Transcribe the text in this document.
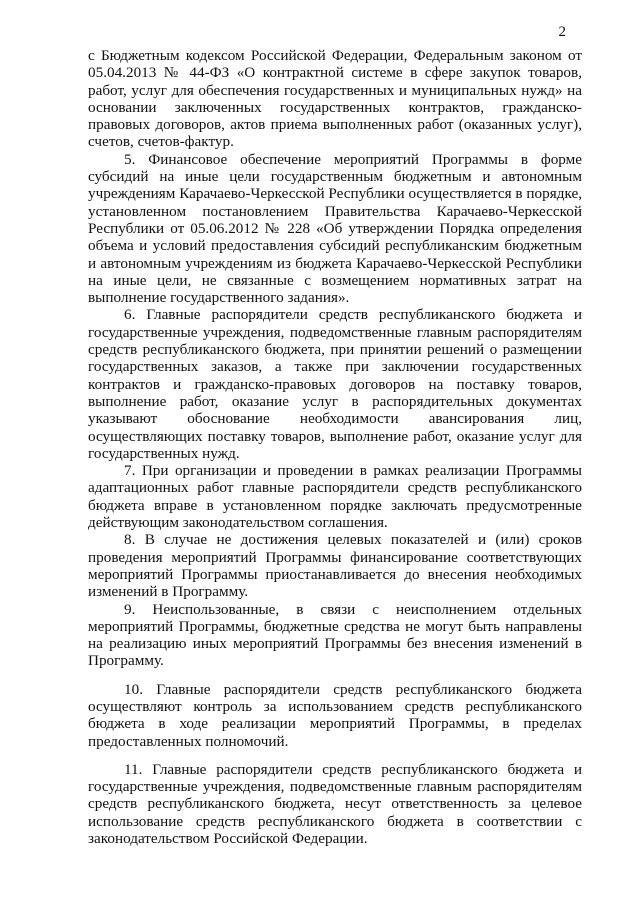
2

с Бюджетным кодексом Российской Федерации, Федеральным законом от 05.04.2013 № 44-ФЗ «О контрактной системе в сфере закупок товаров, работ, услуг для обеспечения государственных и муниципальных нужд» на основании заключенных государственных контрактов, гражданско-правовых договоров, актов приема выполненных работ (оказанных услуг), счетов, счетов-фактур.

5. Финансовое обеспечение мероприятий Программы в форме субсидий на иные цели государственным бюджетным и автономным учреждениям Карачаево-Черкесской Республики осуществляется в порядке, установленном постановлением Правительства Карачаево-Черкесской Республики от 05.06.2012 № 228 «Об утверждении Порядка определения объема и условий предоставления субсидий республиканским бюджетным и автономным учреждениям из бюджета Карачаево-Черкесской Республики на иные цели, не связанные с возмещением нормативных затрат на выполнение государственного задания».

6. Главные распорядители средств республиканского бюджета и государственные учреждения, подведомственные главным распорядителям средств республиканского бюджета, при принятии решений о размещении государственных заказов, а также при заключении государственных контрактов и гражданско-правовых договоров на поставку товаров, выполнение работ, оказание услуг в распорядительных документах указывают обоснование необходимости авансирования лиц, осуществляющих поставку товаров, выполнение работ, оказание услуг для государственных нужд.

7. При организации и проведении в рамках реализации Программы адаптационных работ главные распорядители средств республиканского бюджета вправе в установленном порядке заключать предусмотренные действующим законодательством соглашения.

8. В случае не достижения целевых показателей и (или) сроков проведения мероприятий Программы финансирование соответствующих мероприятий Программы приостанавливается до внесения необходимых изменений в Программу.

9. Неиспользованные, в связи с неисполнением отдельных мероприятий Программы, бюджетные средства не могут быть направлены на реализацию иных мероприятий Программы без внесения изменений в Программу.

10. Главные распорядители средств республиканского бюджета осуществляют контроль за использованием средств республиканского бюджета в ходе реализации мероприятий Программы, в пределах предоставленных полномочий.

11. Главные распорядители средств республиканского бюджета и государственные учреждения, подведомственные главным распорядителям средств республиканского бюджета, несут ответственность за целевое использование средств республиканского бюджета в соответствии с законодательством Российской Федерации.
